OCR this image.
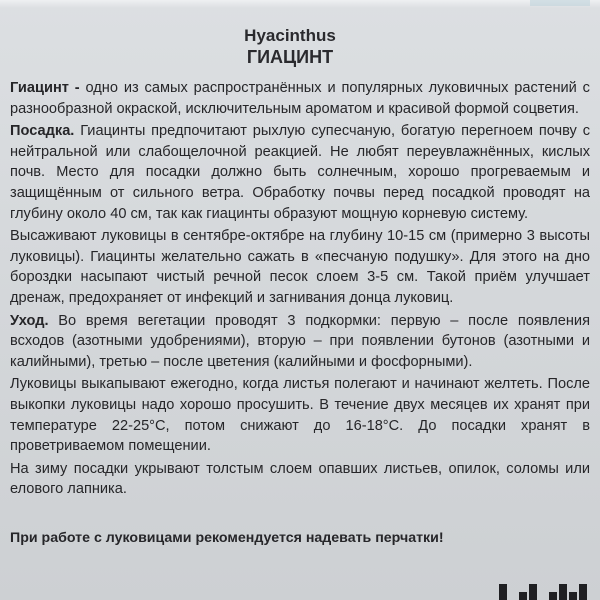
Hyacinthus
ГИАЦИНТ

Гиацинт - одно из самых распространённых и популярных луковичных растений с разнообразной окраской, исключительным ароматом и красивой формой соцветия.

Посадка. Гиацинты предпочитают рыхлую супесчаную, богатую перегноем почву с нейтральной или слабощелочной реакцией. Не любят переувлажнённых, кислых почв. Место для посадки должно быть солнечным, хорошо прогреваемым и защищённым от сильного ветра. Обработку почвы перед посадкой проводят на глубину около 40 см, так как гиацинты образуют мощную корневую систему.

Высаживают луковицы в сентябре-октябре на глубину 10-15 см (примерно 3 высоты луковицы). Гиацинты желательно сажать в «песчаную подушку». Для этого на дно бороздки насыпают чистый речной песок слоем 3-5 см. Такой приём улучшает дренаж, предохраняет от инфекций и загнивания донца луковиц.

Уход. Во время вегетации проводят 3 подкормки: первую – после появления всходов (азотными удобрениями), вторую – при появлении бутонов (азотными и калийными), третью – после цветения (калийными и фосфорными).

Луковицы выкапывают ежегодно, когда листья полегают и начинают желтеть. После выкопки луковицы надо хорошо просушить. В течение двух месяцев их хранят при температуре 22-25°С, потом снижают до 16-18°С. До посадки хранят в проветриваемом помещении.

На зиму посадки укрывают толстым слоем опавших листьев, опилок, соломы или елового лапника.

При работе с луковицами рекомендуется надевать перчатки!
